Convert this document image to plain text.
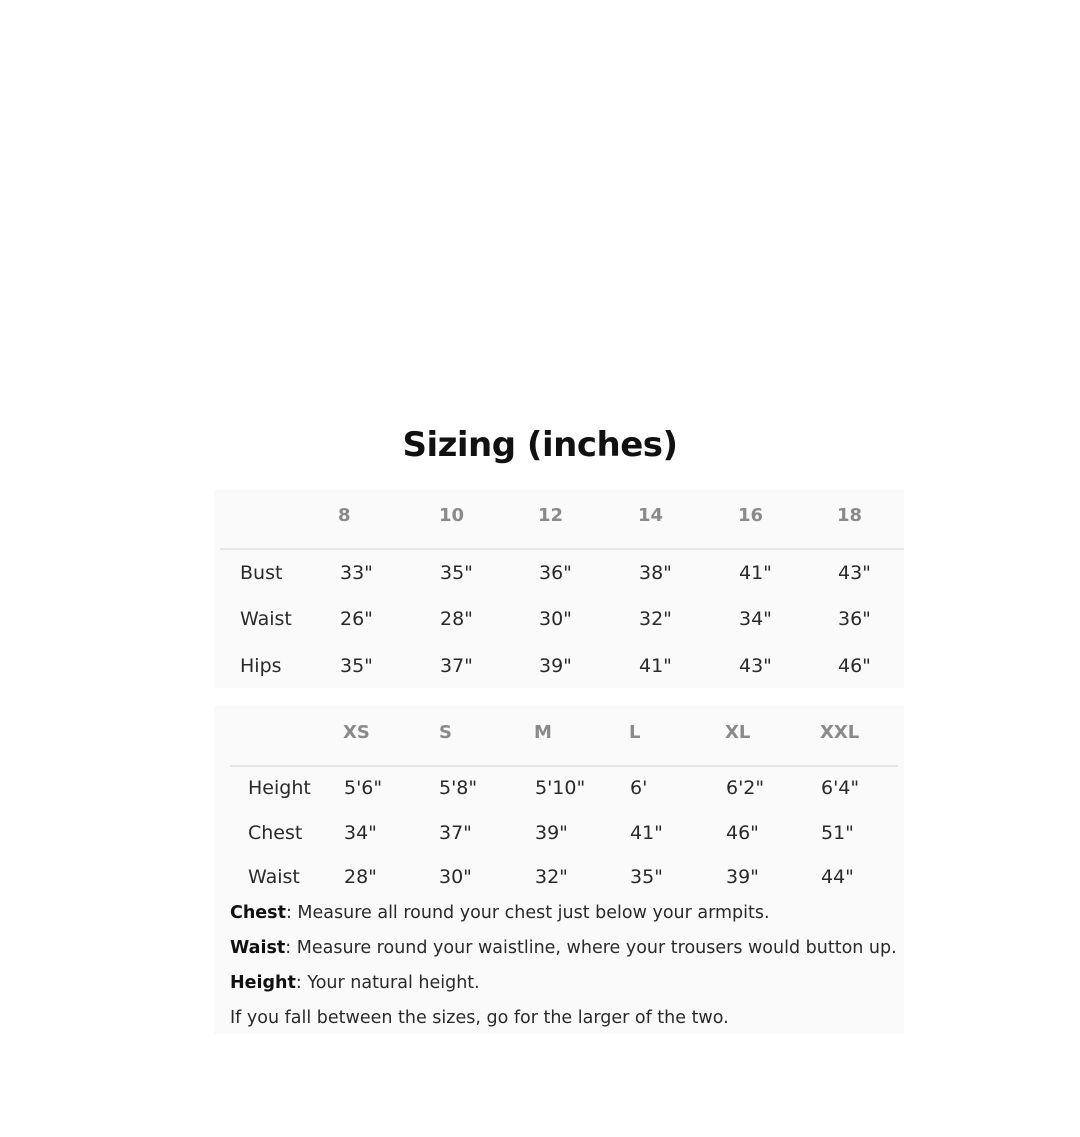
Sizing (inches)
8	10	12	14	16	18
Bust	33"	35"	36"	38"	41"	43"
Waist	26"	28"	30"	32"	34"	36"
Hips	35"	37"	39"	41"	43"	46"
XS	S	M	L	XL	XXL
Height 5'6"	5'8"	5'10" 6'	6'2"	6'4"
Chest 34"	37"	39"	41"	46"	51"
Waist 28"	30"	32"	35"	39"	44"
Chest: Measure all round your chest just below your armpits.
Waist: Measure round your waistline, where your trousers would button up.
Height: Your natural height.
If you fall between the sizes, go for the larger of the two.
